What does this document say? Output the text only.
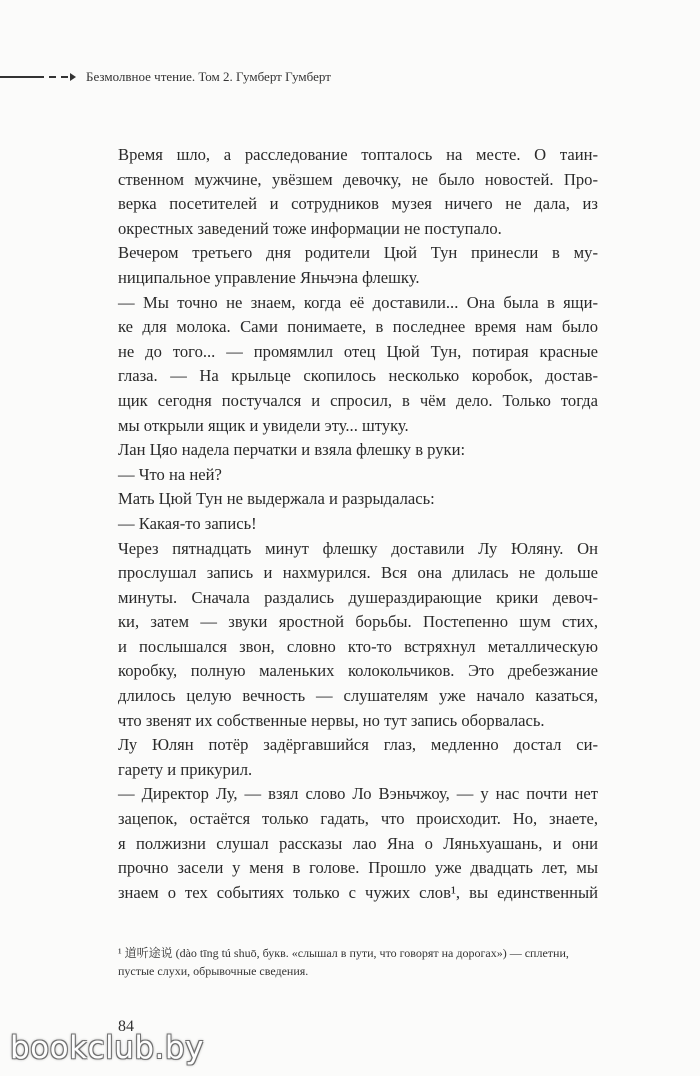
Безмолвное чтение. Том 2. Гумберт Гумберт
Время шло, а расследование топталось на месте. О таин-
ственном мужчине, увёзшем девочку, не было новостей. Про-
верка посетителей и сотрудников музея ничего не дала, из
окрестных заведений тоже информации не поступало.
Вечером третьего дня родители Цюй Тун принесли в му-
ниципальное управление Яньчэна флешку.
— Мы точно не знаем, когда её доставили... Она была в ящи-
ке для молока. Сами понимаете, в последнее время нам было
не до того... — промямлил отец Цюй Тун, потирая красные
глаза. — На крыльце скопилось несколько коробок, достав-
щик сегодня постучался и спросил, в чём дело. Только тогда
мы открыли ящик и увидели эту... штуку.
Лан Цяо надела перчатки и взяла флешку в руки:
— Что на ней?
Мать Цюй Тун не выдержала и разрыдалась:
— Какая-то запись!
Через пятнадцать минут флешку доставили Лу Юляну. Он
прослушал запись и нахмурился. Вся она длилась не дольше
минуты. Сначала раздались душераздирающие крики девоч-
ки, затем — звуки яростной борьбы. Постепенно шум стих,
и послышался звон, словно кто-то встряхнул металлическую
коробку, полную маленьких колокольчиков. Это дребезжание
длилось целую вечность — слушателям уже начало казаться,
что звенят их собственные нервы, но тут запись оборвалась.
Лу Юлян потёр задёргавшийся глаз, медленно достал си-
гарету и прикурил.
— Директор Лу, — взял слово Ло Вэньчжоу, — у нас почти нет
зацепок, остаётся только гадать, что происходит. Но, знаете,
я полжизни слушал рассказы лао Яна о Ляньхуашань, и они
прочно засели у меня в голове. Прошло уже двадцать лет, мы
знаем о тех событиях только с чужих слов¹, вы единственный
¹ 道听途说 (dào tīng tú shuō, букв. «слышал в пути, что говорят на дорогах») — сплетни,
пустые слухи, обрывочные сведения.
84
bookclub.by
